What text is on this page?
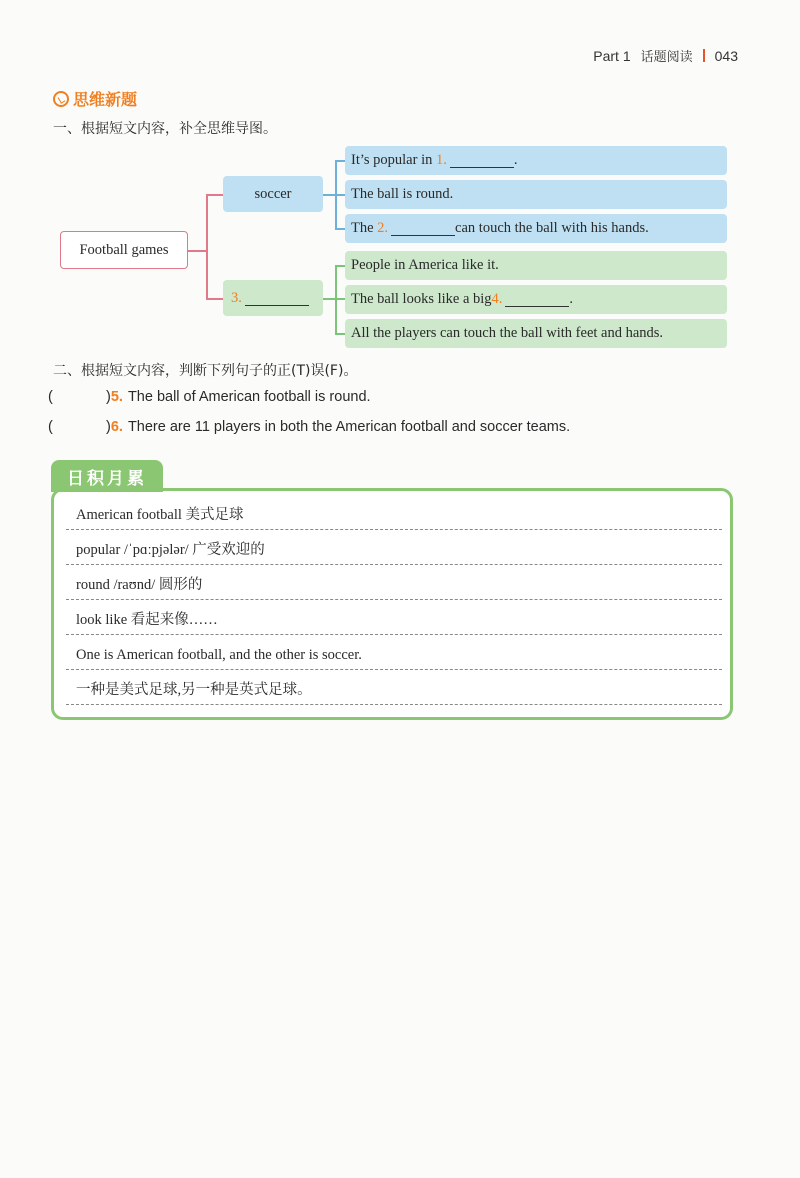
Part 1 话题阅读 043
思维新题
一、根据短文内容，补全思维导图。
Football games
soccer
3.
It’s popular in
1.	.
The ball is round.
The
2.	can touch the ball with his hands.
People in America like it.
The ball looks like a big 4.	.
All the players can touch the ball with feet and hands.
二、根据短文内容，判断下列句子的正(T)误(F)。
(	) 5. The ball of American football is round.
(	) 6. There are 11 players in both the American football and soccer teams.
日积月累
American football 美式足球
popular /ˈpɑːpjələr/ 广受欢迎的
round /raʊnd/ 圆形的
look like 看起来像……
One is American football, and the other is soccer.
一种是美式足球,另一种是英式足球。
